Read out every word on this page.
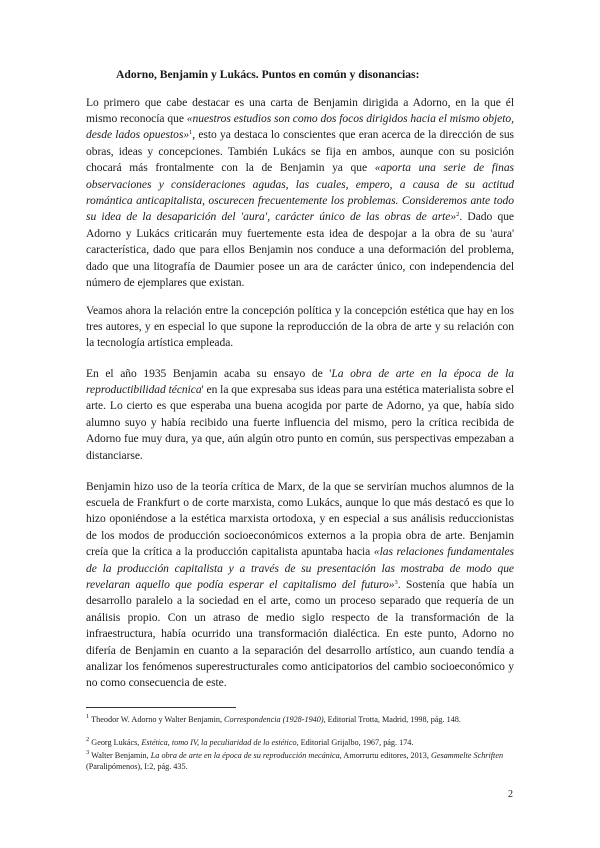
Adorno, Benjamin y Lukács. Puntos en común y disonancias:

Lo primero que cabe destacar es una carta de Benjamin dirigida a Adorno, en la que él mismo reconocía que «nuestros estudios son como dos focos dirigidos hacia el mismo objeto, desde lados opuestos»$^1$, esto ya destaca lo conscientes que eran acerca de la dirección de sus obras, ideas y concepciones. También Lukács se fija en ambos, aunque con su posición chocará más frontalmente con la de Benjamin ya que «aporta una serie de finas observaciones y consideraciones agudas, las cuales, empero, a causa de su actitud romántica anticapitalista, oscurecen frecuentemente los problemas. Consideremos ante todo su idea de la desaparición del 'aura', carácter único de las obras de arte»$^2$. Dado que Adorno y Lukács criticarán muy fuertemente esta idea de despojar a la obra de su 'aura' característica, dado que para ellos Benjamin nos conduce a una deformación del problema, dado que una litografía de Daumier posee un ara de carácter único, con independencia del número de ejemplares que existan.

Veamos ahora la relación entre la concepción política y la concepción estética que hay en los tres autores, y en especial lo que supone la reproducción de la obra de arte y su relación con la tecnología artística empleada.

En el año 1935 Benjamin acaba su ensayo de 'La obra de arte en la época de la reproductibilidad técnica' en la que expresaba sus ideas para una estética materialista sobre el arte. Lo cierto es que esperaba una buena acogida por parte de Adorno, ya que, había sido alumno suyo y había recibido una fuerte influencia del mismo, pero la crítica recibida de Adorno fue muy dura, ya que, aún algún otro punto en común, sus perspectivas empezaban a distanciarse.

Benjamin hizo uso de la teoría crítica de Marx, de la que se servirían muchos alumnos de la escuela de Frankfurt o de corte marxista, como Lukács, aunque lo que más destacó es que lo hizo oponiéndose a la estética marxista ortodoxa, y en especial a sus análisis reduccionistas de los modos de producción socioeconómicos externos a la propia obra de arte. Benjamin creía que la crítica a la producción capitalista apuntaba hacia «las relaciones fundamentales de la producción capitalista y a través de su presentación las mostraba de modo que revelaran aquello que podía esperar el capitalismo del futuro»$^3$. Sostenía que había un desarrollo paralelo a la sociedad en el arte, como un proceso separado que requería de un análisis propio. Con un atraso de medio siglo respecto de la transformación de la infraestructura, había ocurrido una transformación dialéctica. En este punto, Adorno no difería de Benjamin en cuanto a la separación del desarrollo artístico, aun cuando tendía a analizar los fenómenos superestructurales como anticipatorios del cambio socioeconómico y no como consecuencia de este.

$^1$ Theodor W. Adorno y Walter Benjamin, Correspondencia (1928-1940), Editorial Trotta, Madrid, 1998, pág. 148.
$^2$ Georg Lukács, Estética, tomo IV, la peculiaridad de lo estético, Editorial Grijalbo, 1967, pág. 174.
$^3$ Walter Benjamin, La obra de arte en la época de su reproducción mecánica, Amorrurtu editores, 2013, Gesammelte Schriften (Paralipómenos), I:2, pág. 435.
2
